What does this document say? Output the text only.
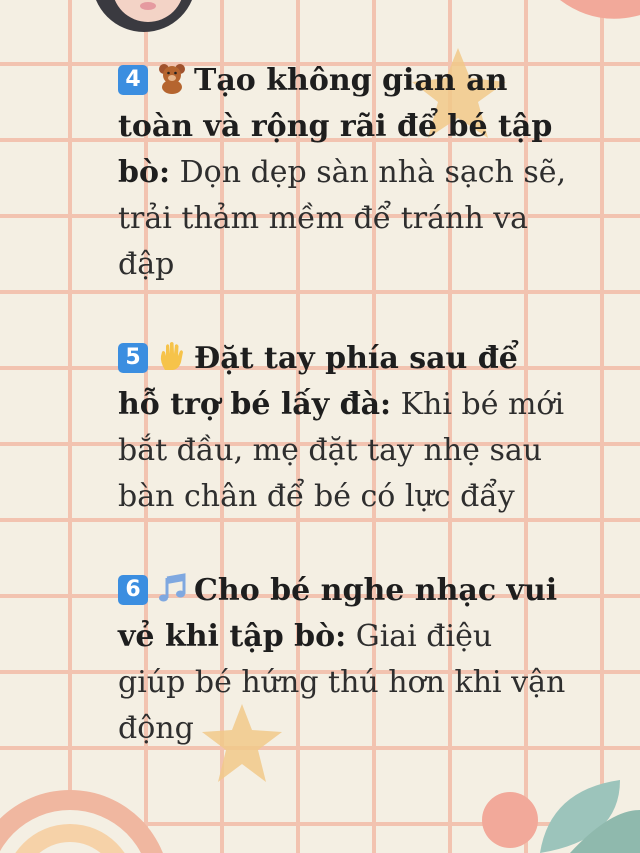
4 Tạo không gian an toàn và rộng rãi để bé tập bò: Dọn dẹp sàn nhà sạch sẽ, trải thảm mềm để tránh va đập

5 Đặt tay phía sau để hỗ trợ bé lấy đà: Khi bé mới bắt đầu, mẹ đặt tay nhẹ sau bàn chân để bé có lực đẩy

6 Cho bé nghe nhạc vui vẻ khi tập bò: Giai điệu giúp bé hứng thú hơn khi vận động
